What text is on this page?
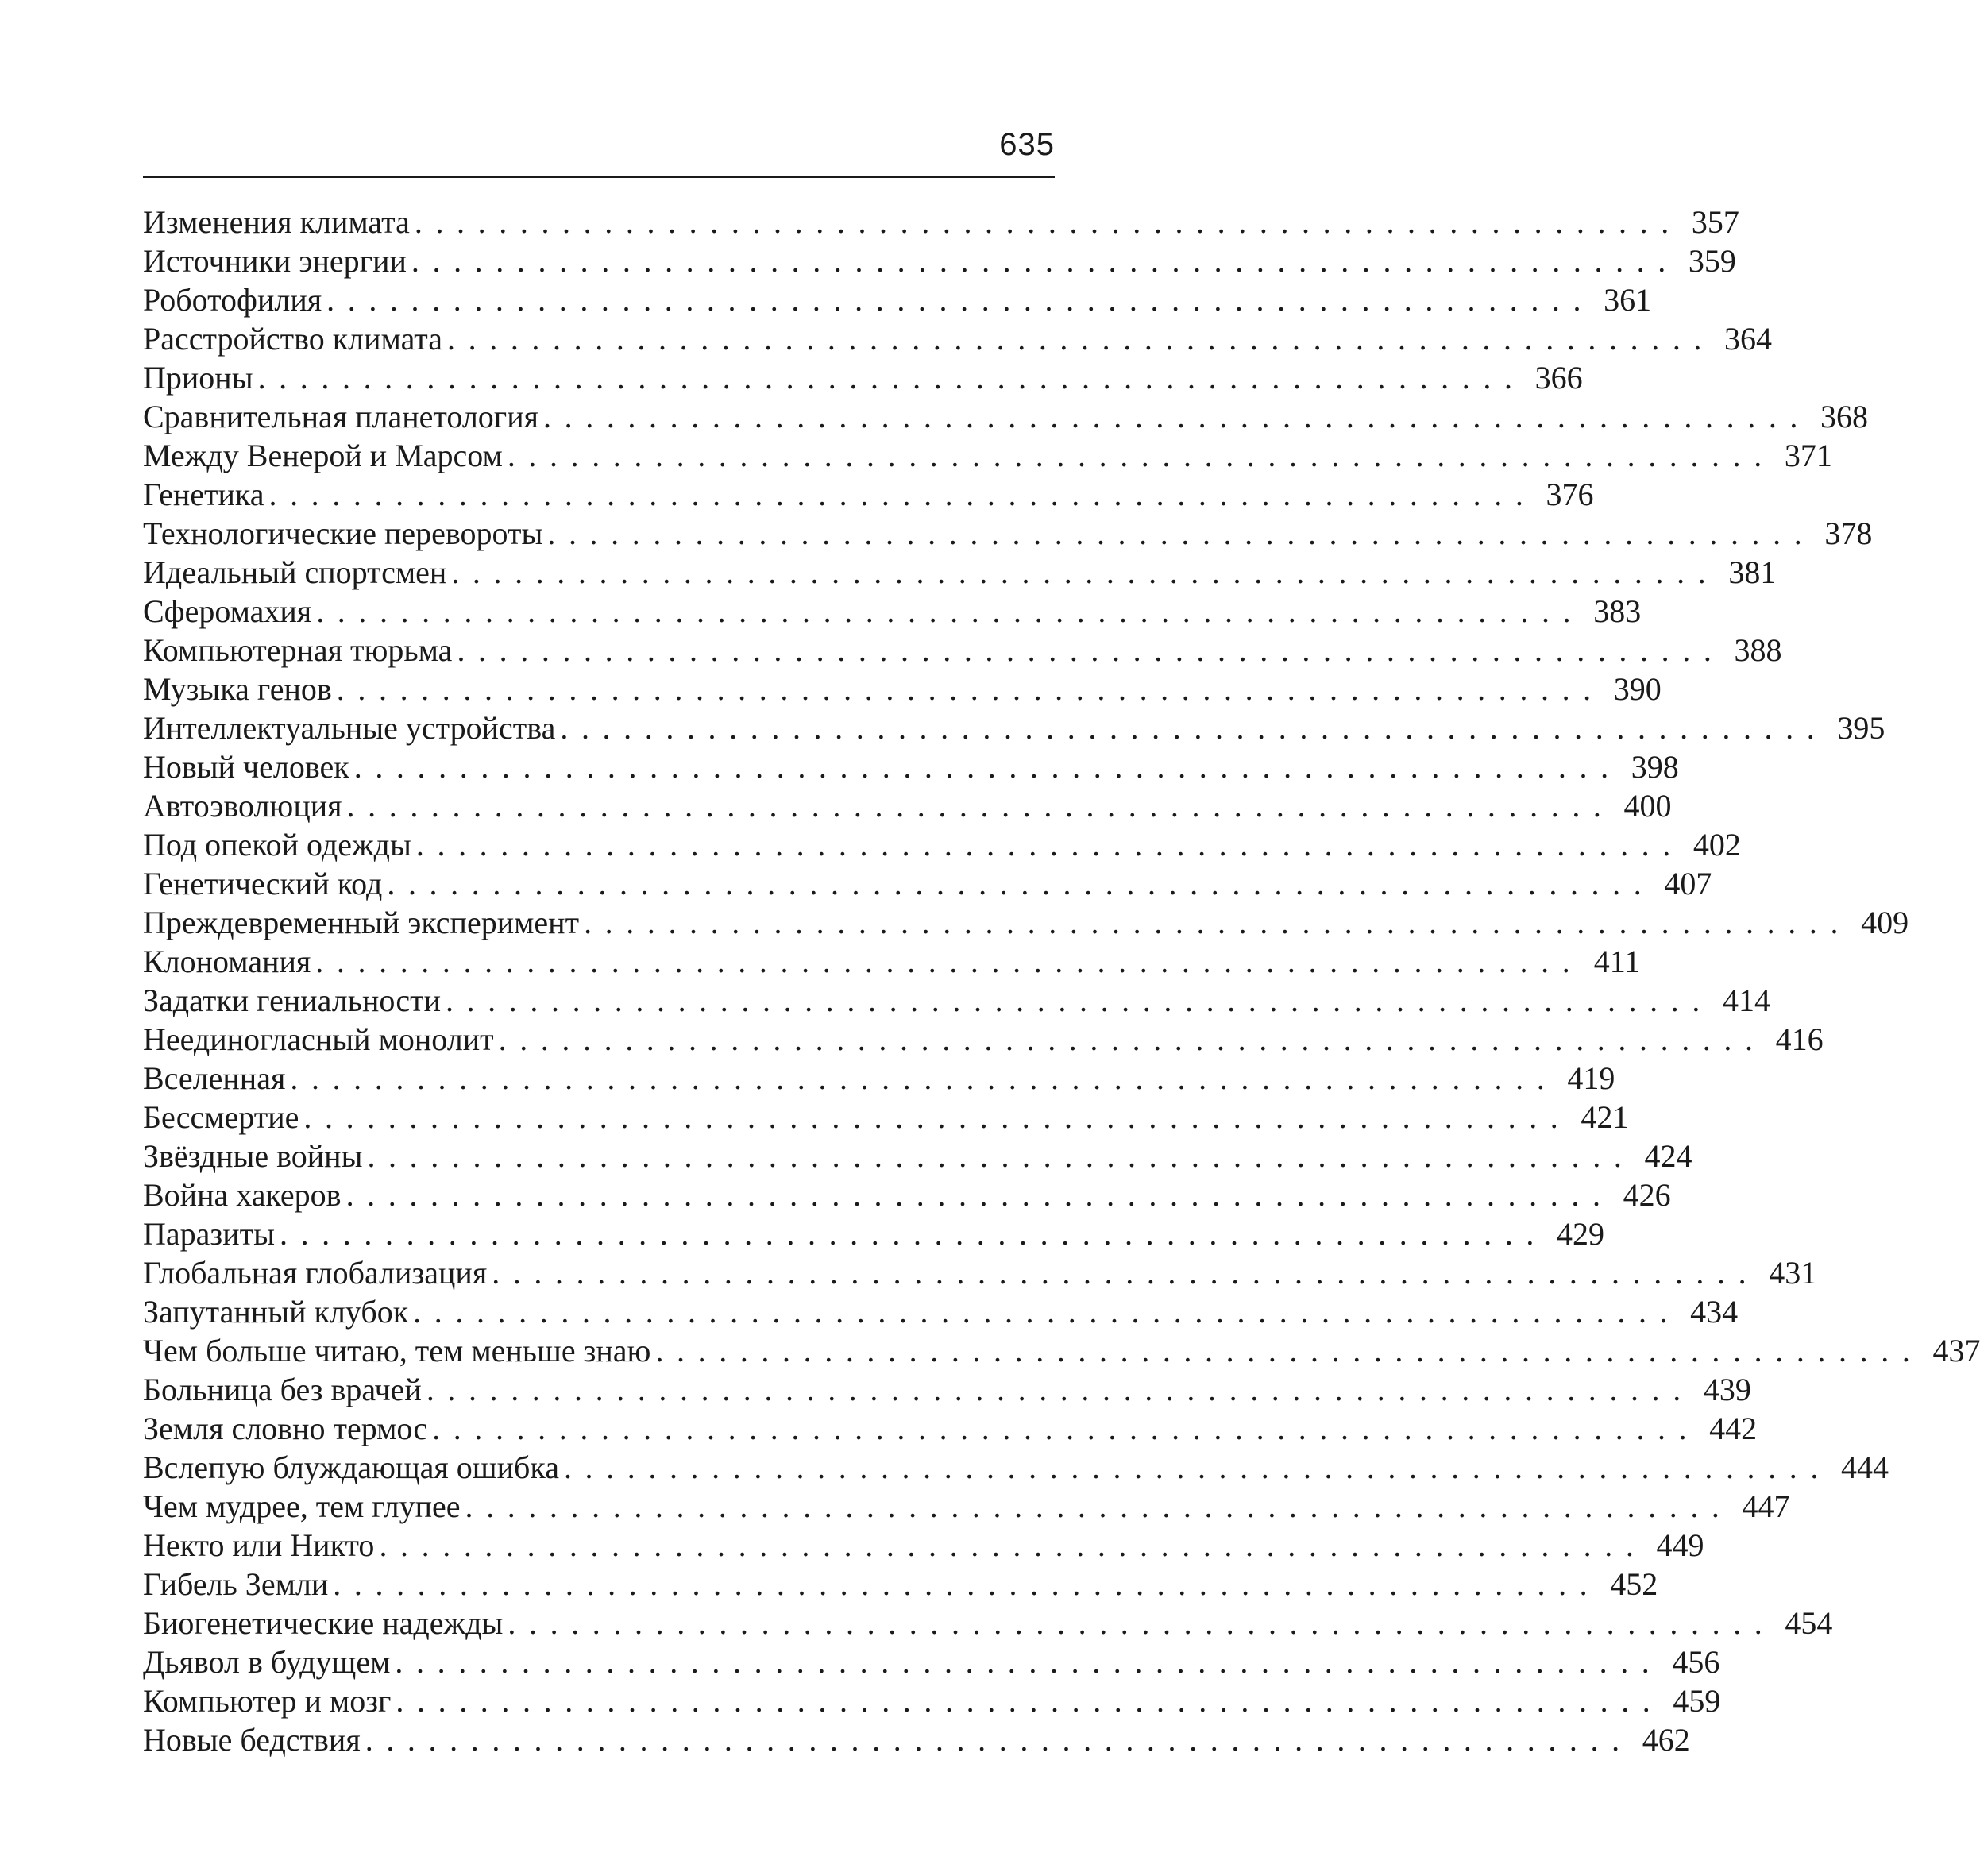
635
Изменения климата ............................................................ 357
Источники энергии ............................................................ 359
Роботофилия ............................................................ 361
Расстройство климата ............................................................ 364
Прионы ............................................................ 366
Сравнительная планетология ............................................................ 368
Между Венерой и Марсом ............................................................ 371
Генетика ............................................................ 376
Технологические перевороты ............................................................ 378
Идеальный спортсмен ............................................................ 381
Сферомахия ............................................................ 383
Компьютерная тюрьма ............................................................ 388
Музыка генов ............................................................ 390
Интеллектуальные устройства ............................................................ 395
Новый человек ............................................................ 398
Автоэволюция ............................................................ 400
Под опекой одежды ............................................................ 402
Генетический код ............................................................ 407
Преждевременный эксперимент ............................................................ 409
Клономания ............................................................ 411
Задатки гениальности ............................................................ 414
Неединогласный монолит ............................................................ 416
Вселенная ............................................................ 419
Бессмертие ............................................................ 421
Звёздные войны ............................................................ 424
Война хакеров ............................................................ 426
Паразиты ............................................................ 429
Глобальная глобализация ............................................................ 431
Запутанный клубок ............................................................ 434
Чем больше читаю, тем меньше знаю ............................................................ 437
Больница без врачей ............................................................ 439
Земля словно термос ............................................................ 442
Вслепую блуждающая ошибка ............................................................ 444
Чем мудрее, тем глупее ............................................................ 447
Некто или Никто ............................................................ 449
Гибель Земли ............................................................ 452
Биогенетические надежды ............................................................ 454
Дьявол в будущем ............................................................ 456
Компьютер и мозг ............................................................ 459
Новые бедствия ............................................................ 462
